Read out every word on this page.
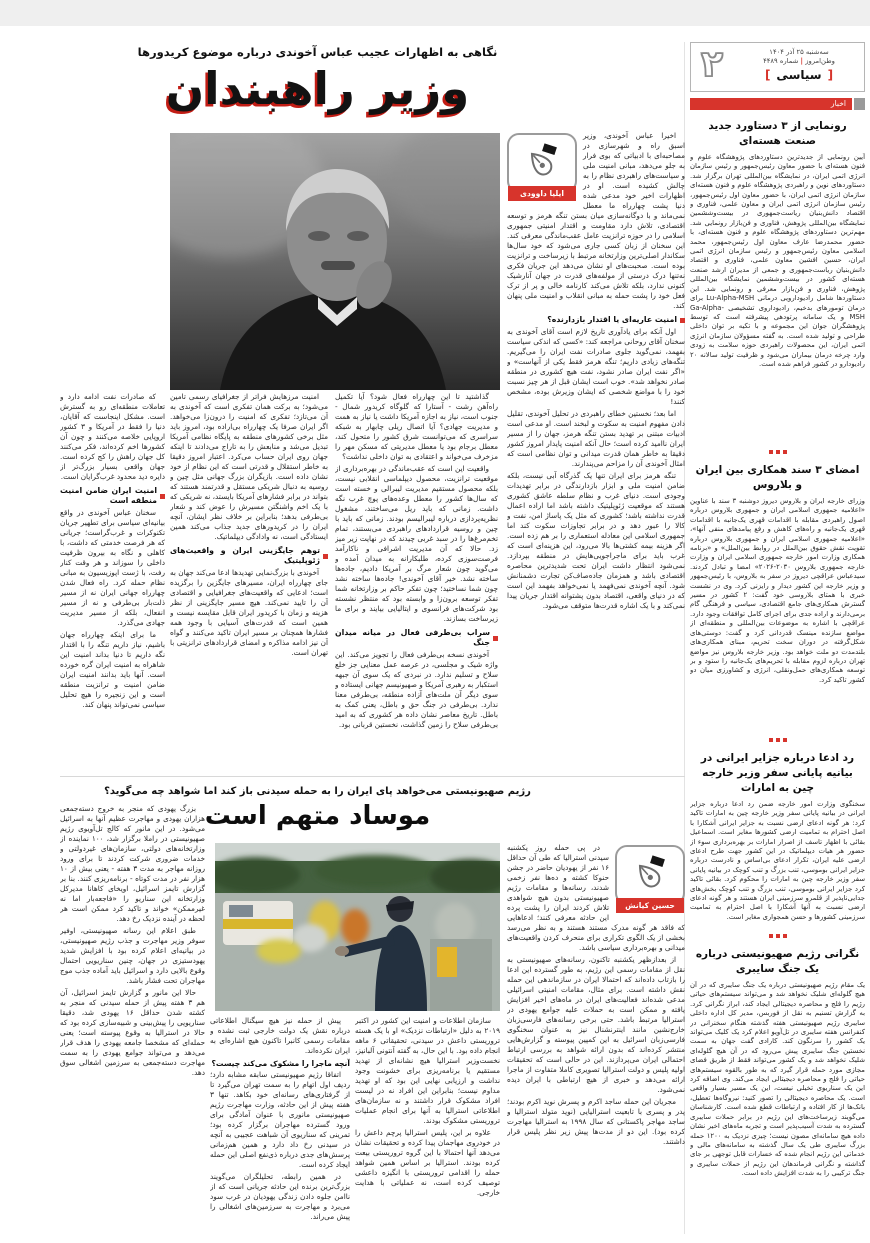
۲	سه‌شنبه ۲۵ آذر ۱۴۰۴
وطن‌امروز | شماره ۴۴۸۹
[سیاسی]
اخبار
رونمایی از ۳ دستاورد جدید صنعت هسته‌ای
آیین رونمایی از جدیدترین دستاوردهای پژوهشگاه علوم و فنون هسته‌ای با حضور معاون رئیس‌جمهور و رئیس سازمان انرژی اتمی ایران، در نمایشگاه بین‌المللی تهران برگزار شد. دستاوردهای نوین و راهبردی پژوهشگاه علوم و فنون هسته‌ای سازمان انرژی اتمی ایران، با حضور معاون اول رئیس‌جمهور، رئیس سازمان انرژی اتمی ایران و معاون علمی، فناوری و اقتصاد دانش‌بنیان ریاست‌جمهوری در بیست‌وششمین نمایشگاه بین‌المللی پژوهش، فناوری و فن‌بازار رونمایی شد. مهم‌ترین دستاوردهای پژوهشگاه علوم و فنون هسته‌ای، با حضور محمدرضا عارف معاون اول رئیس‌جمهور، محمد اسلامی معاون رئیس‌جمهور و رئیس سازمان انرژی اتمی ایران، حسین افشین معاون علمی، فناوری و اقتصاد دانش‌بنیان ریاست‌جمهوری و جمعی از مدیران ارشد صنعت هسته‌ای کشور در بیست‌وششمین نمایشگاه بین‌المللی پژوهش، فناوری و فن‌بازار معرفی و رونمایی شد. این دستاوردها شامل رادیودارویی درمانی Lu-Alpha-MSH برای درمان تومورهای بدخیم، رادیوداروی تشخیصی Ga-Alpha-MSH و یک سامانه پرتودهی پیشرفته است که توسط پژوهشگران جوان این مجموعه و با تکیه بر توان داخلی طراحی و تولید شده است. به گفته مسؤولان سازمان انرژی اتمی ایران، این محصولات راهبردی حوزه سلامت به زودی وارد چرخه درمان بیماران می‌شود و ظرفیت تولید سالانه ۲۰ رادیودارو در کشور فراهم شده است.
امضای ۳ سند همکاری بین ایران و بلاروس
وزرای خارجه ایران و بلاروس دیروز دوشنبه ۳ سند با عناوین «اعلامیه جمهوری اسلامی ایران و جمهوری بلاروس درباره اصول راهبردی مقابله با اقدامات قهری یک‌جانبه با اقدامات قهری یک‌جانبه و راه‌های کاهش و رفع پیامدهای منفی آنها»، «اعلامیه جمهوری اسلامی ایران و جمهوری بلاروس درباره تقویت نقش حقوق بین‌الملل در روابط بین‌الملل» و «برنامه همکاری وزارت امور خارجه جمهوری اسلامی ایران و وزارت خارجه جمهوری بلاروس ۲۰۳۰-۲۰۲۶» امضا و تبادل کردند. سیدعباس عراقچی دیروز در سفر به بلاروس، با رئیس‌جمهور و وزیر خارجه این کشور دیدار و رایزنی کرد. وی در نشست خبری با همتای بلاروسی خود گفت: ۲ کشور در مسیر گسترش همکاری‌های جامع اقتصادی، سیاسی و فرهنگی گام برمی‌دارند و اراده جدی برای اجرای کامل توافقات وجود دارد. عراقچی با اشاره به موضوعات بین‌المللی و منطقه‌ای از مواضع سازنده مینسک قدردانی کرد و گفت: دوستی‌های شکل‌گرفته در دوران سخت تحریم، مبنای همکاری‌های بلندمدت دو ملت خواهد بود. وزیر خارجه بلاروس نیز مواضع تهران درباره لزوم مقابله با تحریم‌های یک‌جانبه را ستود و بر توسعه همکاری‌های حمل‌ونقلی، انرژی و کشاورزی میان دو کشور تاکید کرد.
رد ادعا درباره جزایر ایرانی در بیانیه پایانی سفر وزیر خارجه چین به امارات
سخنگوی وزارت امور خارجه ضمن رد ادعا درباره جزایر ایرانی در بیانیه پایانی سفر وزیر خارجه چین به امارات تاکید کرد: هر گونه ادعای ارضی نسبت به جزایر ایرانی آشکارا با اصل احترام به تمامیت ارضی کشورها مغایر است. اسماعیل بقائی با اظهار تاسف از اصرار امارات بر بهره‌برداری سوء از حضور هر هیات دیپلماتیک در این کشور جهت طرح ادعای ارضی علیه ایران، تکرار ادعای بی‌اساس و نادرست درباره جزایر ایرانی بوموسی، تنب بزرگ و تنب کوچک در بیانیه پایانی سفر وزیر خارجه چین به امارات را محکوم کرد. بقائی تاکید کرد جزایر ایرانی بوموسی، تنب بزرگ و تنب کوچک بخش‌های جدایی‌ناپذیر از قلمرو سرزمینی ایران هستند و هر گونه ادعای ارضی نسبت به آنها آشکارا با اصل احترام به تمامیت سرزمینی کشورها و حسن همجواری مغایر است.
نگرانی رژیم صهیونیستی درباره یک جنگ سایبری
یک مقام رژیم صهیونیستی درباره یک جنگ سایبری که در آن هیچ گلوله‌ای شلیک نخواهد شد و می‌تواند سیستم‌های حیاتی رژیم را فلج و محاصره دیجیتالی ایجاد کند، ابراز نگرانی کرد. به گزارش تسنیم به نقل از فوربس، مدیر کل اداره داخلی سایبری رژیم صهیونیستی هفته گذشته هنگام سخنرانی در کنفرانس هفته سایبری در تل‌آویو اعلام کرد یک کلیک می‌تواند یک کشور را سرنگون کند. کارادی گفت جهان به سمت نخستین جنگ سایبری پیش می‌رود که در آن هیچ گلوله‌ای شلیک نخواهد شد و یک کشور می‌تواند فقط از طریق فضای مجازی مورد حمله قرار گیرد که به طور بالقوه سیستم‌های حیاتی را فلج و محاصره دیجیتالی ایجاد می‌کند. وی اضافه کرد این یک سناریوی تخیلی نیست، این یک مسیر بسیار واقعی است. یک محاصره دیجیتالی را تصور کنید: نیروگاه‌ها تعطیل، بانک‌ها از کار افتاده و ارتباطات قطع شده است. کارشناسان می‌گویند زیرساخت‌های این رژیم در برابر حملات سایبری گسترده به شدت آسیب‌پذیر است و تجربه ماه‌های اخیر نشان داده هیچ سامانه‌ای مصون نیست؛ چیزی نزدیک به ۱۲۰۰ حمله بزرگ سایبری طی یک سال گذشته به سامانه‌های مالی و خدماتی این رژیم انجام شده که خسارات قابل توجهی بر جای گذاشته و نگرانی فرماندهان این رژیم از حملات سایبری و جنگ ترکیبی را به شدت افزایش داده است.
نگاهی به اظهارات عجیب عباس آخوندی درباره موضوع کریدورها
وزیر راهبندان
ایلیا داوودی

اخیرا عباس آخوندی، وزیر اسبق راه و شهرسازی در مصاحبه‌ای با ادبیاتی که بوی فرار به جلو می‌دهد، مبانی امنیت ملی و سیاست‌های راهبردی نظام را به چالش کشیده است. او در اظهارات اخیر خود مدعی شده دنیا پشت چهارراه ما معطل نمی‌ماند و با دوگانه‌سازی میان بستن تنگه هرمز و توسعه اقتصادی، تلاش دارد مقاومت و اقتدار امنیتی جمهوری اسلامی را در حوزه ترانزیت عامل عقب‌ماندگی معرفی کند. این سخنان از زبان کسی جاری می‌شود که خود سال‌ها سکاندار اصلی‌ترین وزارتخانه مرتبط با زیرساخت و ترانزیت بوده است. صحبت‌های او نشان می‌دهد این جریان فکری نه‌تنها درک درستی از مولفه‌های قدرت در جهان آنارشیک کنونی ندارد، بلکه تلاش می‌کند کارنامه خالی و پر از ترک فعل خود را پشت حمله به مبانی انقلاب و امنیت ملی پنهان کند.

امنیت عاریه‌ای یا اقتدار بازدارنده؟

اول آنکه برای یادآوری تاریخ لازم است آقای آخوندی به سخنان آقای روحانی مراجعه کند: «کسی که اندکی سیاست بفهمد، نمی‌گوید جلوی صادرات نفت ایران را می‌گیریم. تنگه‌های زیادی داریم؛ تنگه هرمز فقط یکی از آنهاست» و «اگر نفت ایران صادر نشود، نفت هیچ کشوری در منطقه صادر نخواهد شد». خوب است ایشان قبل از هر چیز نسبت خود را با مواضع شخصی که ایشان وزیرش بوده، مشخص کنند!

اما بعد؛ نخستین خطای راهبردی در تحلیل آخوندی، تقلیل دادن مفهوم امنیت به سکوت و لبخند است. او مدعی است ادبیات مبتنی بر تهدید بستن تنگه هرمز، جهان را از مسیر ایران ناامید کرده است؛ حال آنکه امنیت پایدار امروز کشور دقیقا به خاطر همان قدرت میدانی و توان نظامی است که امثال آخوندی آن را مزاحم می‌پندارند.

تنگه هرمز برای ایران تنها یک گذرگاه آبی نیست، بلکه ضامن امنیت ملی و ابزار بازدارندگی در برابر تهدیدات وجودی است. دنیای غرب و نظام سلطه عاشق کشوری هستند که موقعیت ژئوپلیتیک داشته باشد اما اراده اعمال قدرت نداشته باشد؛ کشوری که مثل یک پاساژ امن، نفت و کالا را عبور دهد و در برابر تجاوزات سکوت کند اما جمهوری اسلامی این معادله استعماری را بر هم زده است. اگر هزینه بیمه کشتی‌ها بالا می‌رود، این هزینه‌ای است که غرب باید برای ماجراجویی‌هایش در منطقه بپردازد. نمی‌شود انتظار داشت ایران تحت شدیدترین محاصره اقتصادی باشد و همزمان جاده‌صاف‌کن تجارت دشمنانش شود. آنچه آخوندی نمی‌فهمد یا نمی‌خواهد بفهمد این است که در دنیای واقعی، اقتصاد بدون پشتوانه اقتدار جریان پیدا نمی‌کند و با یک اشاره قدرت‌ها متوقف می‌شود.

گذاشتید تا این چهارراه فعال شود؟ آیا تکمیل راه‌آهن رشت - آستارا که گلوگاه کریدور شمال - جنوب است، نیاز به اجازه آمریکا داشت یا نیاز به همت و مدیریت جهادی؟ آیا اتصال ریلی چابهار به شبکه سراسری که می‌توانست شرق کشور را متحول کند، معطل برجام بود یا معطل مدیریتی که مسکن مهر را مزخرف می‌خواند و اعتقادی به توان داخلی نداشت؟

واقعیت این است که عقب‌ماندگی در بهره‌برداری از موقعیت ترانزیت، محصول دیپلماسی انقلابی نیست، بلکه محصول مستقیم مدیریت لیبرالی و خسته است که سال‌ها کشور را معطل وعده‌های پوچ غرب نگه داشت. زمانی که باید ریل می‌ساختند، مشغول نظریه‌پردازی درباره لیبرالیسم بودند. زمانی که باید با چین و روسیه قراردادهای راهبردی می‌بستند، تمام تخم‌مرغ‌ها را در سبد غربی چیدند که در نهایت زیر میز زد. حالا که آن مدیریت اشرافی و ناکارآمد فرصت‌سوزی کرده، طلبکارانه به میدان آمده و می‌گوید چون شعار مرگ بر آمریکا دادیم، جاده‌ها ساخته نشد. خیر آقای آخوندی! جاده‌ها ساخته نشد چون شما نساختید؛ چون تفکر حاکم بر وزارتخانه شما تفکر توسعه برون‌زا و وابسته بود که منتظر نشسته بود شرکت‌های فرانسوی و ایتالیایی بیایند و برای ما زیرساخت بسازند.

سراب بی‌طرفی فعال در میانه میدان جنگ

آخوندی نسخه بی‌طرفی فعال را تجویز می‌کند. این واژه شیک و مجلسی، در عرصه عمل معنایی جز خلع سلاح و تسلیم ندارد. در نبردی که یک سوی آن جبهه استکبار به رهبری آمریکا و صهیونیسم جهانی ایستاده و سوی دیگر آن ملت‌های آزاده منطقه، بی‌طرفی معنا ندارد. بی‌طرفی در جنگ حق و باطل، یعنی کمک به باطل. تاریخ معاصر نشان داده هر کشوری که به امید بی‌طرفی سلاح را زمین گذاشت، نخستین قربانی بود.

امنیت مرزهایش فراتر از جغرافیای رسمی تامین می‌شود؛ به برکت همان تفکری است که آخوندی به آن می‌تازد؛ تفکری که امنیت را درون‌زا می‌خواهد. اگر ایران صرفا یک چهارراه بی‌اراده بود، امروز باید مثل برخی کشورهای منطقه به پایگاه نظامی آمریکا تبدیل می‌شد و منابعش را به تاراج می‌دادند تا اینکه جهان روی ایران حساب می‌کرد. اعتبار امروز دقیقا به خاطر استقلال و قدرتی است که این نظام از خود نشان داده است. بازیگران بزرگ جهانی مثل چین و روسیه به دنبال شریکی مستقل و قدرتمند هستند که بتواند در برابر فشارهای آمریکا بایستد، نه شریکی که با یک اخم واشنگتن مسیرش را عوض کند و شعار بی‌طرفی بدهد؛ بنابراین بر خلاف نظر ایشان، آنچه ایران را در کریدورهای جدید جذاب می‌کند همین ایستادگی است، نه وادادگی دیپلماتیک.

توهم جایگزینی ایران و واقعیت‌های ژئوپلیتیک

آخوندی با بزرگ‌نمایی تهدیدها ادعا می‌کند جهان به جای چهارراه ایران، مسیرهای جایگزین را برگزیده است؛ ادعایی که واقعیت‌های جغرافیایی و اقتصادی آن را تایید نمی‌کند. هیچ مسیر جایگزینی از نظر هزینه و زمان با کریدور ایران قابل مقایسه نیست و همین است که قدرت‌های آسیایی با وجود همه فشارها همچنان بر مسیر ایران تاکید می‌کنند و گواه آن نیز ادامه مذاکره و امضای قراردادهای ترانزیتی با تهران است.

که صادرات نفت ادامه دارد و تعاملات منطقه‌ای رو به گسترش است. مشکل اینجاست که آقایان، دنیا را فقط در آمریکا و ۳ کشور اروپایی خلاصه می‌کنند و چون آن کشورها اخم کرده‌اند، فکر می‌کنند کل جهان راهش را کج کرده است. جهان واقعی بسیار بزرگ‌تر از دایره دید محدود غرب‌گرایان است.

امنیت ایران ضامن امنیت منطقه است

سخنان عباس آخوندی در واقع بیانیه‌ای سیاسی برای تطهیر جریان تکنوکرات و غرب‌گراست؛ جریانی که هر فرصت خدمتی که داشت، با کاهلی و نگاه به بیرون ظرفیت داخلی را سوزاند و هر وقت کنار رفت، با ژست اپوزیسیون به مبانی نظام حمله کرد. راه فعال شدن چهارراه جهانی ایران نه از مسیر ذلت‌بار بی‌طرفی و نه از مسیر انفعال، بلکه از مسیر مدیریت جهادی می‌گذرد.

ما برای اینکه چهارراه جهان باشیم، نیاز داریم تنگه را با اقتدار نگه داریم تا دنیا بداند امنیت این شاهراه به امنیت ایران گره خورده است. آنها باید بدانند امنیت ایران ضامن امنیت و ترانزیت منطقه است و این زنجیره را هیچ تحلیل سیاسی نمی‌تواند پنهان کند.

رژیم صهیونیستی می‌خواهد پای ایران را به حمله سیدنی باز کند اما شواهد چه می‌گوید؟
موساد متهم است
حسین کیانش

در پی حمله روز یکشنبه سیدنی استرالیا که طی آن حداقل ۱۶ نفر از یهودیان حاضر در جشن حنوکا کشته و ده‌ها نفر زخمی شدند، رسانه‌ها و مقامات رژیم صهیونیستی بدون هیچ شواهدی تلاش کردند ایران را پشت پرده این حادثه معرفی کنند؛ ادعاهایی که فاقد هر گونه مدرک مستند هستند و به نظر می‌رسد بخشی از یک الگوی تکراری برای منحرف کردن واقعیت‌های میدانی و بهره‌برداری سیاسی باشد.

از بعدازظهر یکشنبه تاکنون، رسانه‌های صهیونیستی به نقل از مقامات رسمی این رژیم، به طور گسترده این ادعا را بازتاب داده‌اند که احتمالا ایران در سازماندهی این حمله نقش داشته است. برای مثال، مقامات امنیتی اسرائیلی مدعی شده‌اند فعالیت‌های ایران در ماه‌های اخیر افزایش یافته و ممکن است به حملات علیه جوامع یهودی در استرالیا مرتبط باشد. حتی برخی رسانه‌های فارسی‌زبان خارج‌نشین مانند اینترنشنال نیز به عنوان سخنگوی فارسی‌زبان اسرائیل به این کمپین پیوسته و گزارش‌هایی منتشر کرده‌اند که بدون ارائه شواهد به بررسی ارتباط احتمالی ایران می‌پردازند. این در حالی است که تحقیقات اولیه پلیس و دولت استرالیا تصویری کاملا متفاوت از ماجرا ارائه می‌دهد و خبری از هیچ ارتباطی با ایران دیده نمی‌شود.

مجریان این حمله ساجد اکرم و پسرش نوید اکرم بودند؛ پدر و پسری با تابعیت استرالیایی (نوید متولد استرالیا و ساجد مهاجر پاکستانی که سال ۱۹۹۸ به استرالیا مهاجرت کرده بود). این دو از مدت‌ها پیش زیر نظر پلیس قرار داشتند.

سازمان اطلاعات و امنیت این کشور در اکتبر ۲۰۱۹ به دلیل «ارتباطات نزدیک» او با یک هسته تروریستی داعش در سیدنی، تحقیقاتی ۶ ماهه انجام داده بود. با این حال، به گفته آنتونی آلبانیز، نخست‌وزیر استرالیا هیچ نشانه‌ای از تهدید مستقیم یا برنامه‌ریزی برای خشونت وجود نداشت و ارزیابی نهایی این بود که او تهدید مداوم نیست؛ بنابراین این افراد نه در لیست افراد مشکوک قرار داشتند و نه سازمان‌های اطلاعاتی استرالیا به آنها برای انجام عملیات تروریستی مشکوک بودند.

علاوه بر این، پلیس استرالیا پرچم داعش را در خودروی مهاجمان پیدا کرده و تحقیقات نشان می‌دهد آنها احتمالا با این گروه تروریستی بیعت کرده بودند. استرالیا بر اساس همین شواهد حمله را اقدامی تروریستی با انگیزه داعشی توصیف کرده است، نه عملیاتی با هدایت خارجی.

پیش از حمله نیز هیچ سیگنال اطلاعاتی درباره نقش یک دولت خارجی ثبت نشده و مقامات رسمی کانبرا تاکنون هیچ اشاره‌ای به ایران نکرده‌اند.

آنچه ماجرا را مشکوک می‌کند چیست؟

اتفاقا رژیم صهیونیستی سابقه مشابه دارد؛ ردیف اول اتهام را به سمت تهران می‌گیرد تا از گرفتاری‌های رسانه‌ای خود بکاهد. تنها ۳ هفته پیش از این حادثه، وزارت مهاجرت رژیم صهیونیستی مانوری با عنوان آمادگی برای ورود گسترده مهاجران برگزار کرده بود؛ تمرینی که سناریوی آن شباهت عجیبی به آنچه در سیدنی رخ داد دارد و همین هم‌زمانی پرسش‌های جدی درباره ذی‌نفع اصلی این حمله ایجاد کرده است.

در همین رابطه، تحلیلگران می‌گویند بزرگ‌ترین برنده این حادثه جریانی است که از ناامن جلوه دادن زندگی یهودیان در غرب سود می‌برد و مهاجرت به سرزمین‌های اشغالی را پیش می‌راند.

بزرگ یهودی که منجر به خروج دسته‌جمعی هزاران یهودی و مهاجرت عظیم آنها به اسرائیل می‌شود. در این مانور که کالج تل‌آویوی رژیم صهیونیستی در راملا برگزار شد، ۱۰۰ نماینده از وزارتخانه‌های دولتی، سازمان‌های غیردولتی و خدمات ضروری شرکت کردند تا برای ورود روزانه مهاجر به مدت ۳ هفته - یعنی بیش از ۱۰ هزار نفر در مدت کوتاه - برنامه‌ریزی کنند. بنا بر گزارش تایمز اسرائیل، اویخای کاهانا مدیرکل وزارتخانه این سناریو را «فاجعه‌بار اما نه غیرممکن» خواند و تاکید کرد ممکن است هر لحظه در آینده نزدیک رخ دهد.

طبق اعلام این رسانه صهیونیستی، اوفیر سوفر وزیر مهاجرت و جذب رژیم صهیونیستی، در بیانیه‌ای اعلام کرده بود با افزایش شدید یهودستیزی در جهان، چنین سناریویی احتمال وقوع بالایی دارد و اسرائیل باید آماده جذب موج مهاجران تحت فشار باشد.

حالا این مانور و گزارش تایمز اسرائیل، آن هم ۳ هفته پیش از حمله سیدنی که منجر به کشته شدن حداقل ۱۶ یهودی شد، دقیقا سناریویی را پیش‌بینی و شبیه‌سازی کرده بود که حالا در استرالیا به وقوع پیوسته است؛ یعنی حمله‌ای که مشخصا جامعه یهودی را هدف قرار می‌دهد و می‌تواند جوامع یهودی را به سمت مهاجرت دسته‌جمعی به سرزمین اشغالی سوق دهد.
